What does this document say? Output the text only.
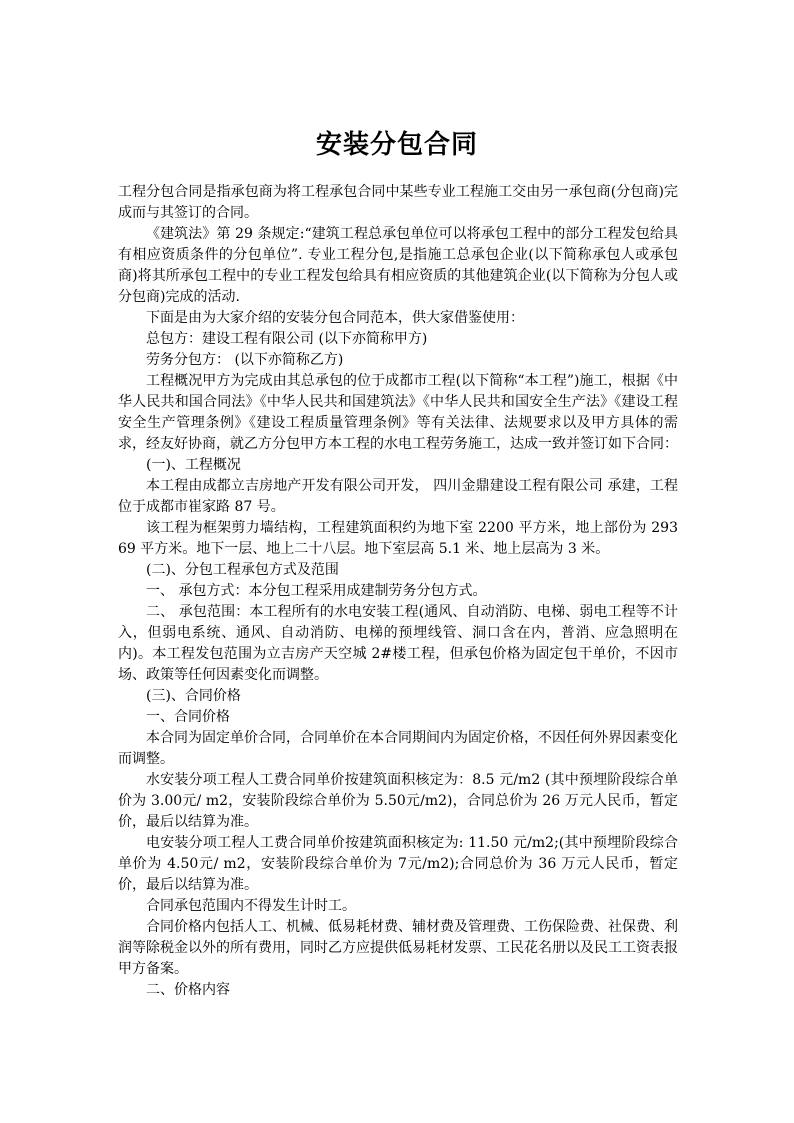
安装分包合同

工程分包合同是指承包商为将工程承包合同中某些专业工程施工交由另一承包商(分包商)完成而与其签订的合同。

《建筑法》第 29 条规定:“建筑工程总承包单位可以将承包工程中的部分工程发包给具有相应资质条件的分包单位”. 专业工程分包,是指施工总承包企业(以下简称承包人或承包商)将其所承包工程中的专业工程发包给具有相应资质的其他建筑企业(以下简称为分包人或分包商)完成的活动.

下面是由为大家介绍的安装分包合同范本，供大家借鉴使用：

总包方：建设工程有限公司 (以下亦简称甲方)

劳务分包方： (以下亦简称乙方)

工程概况甲方为完成由其总承包的位于成都市工程(以下简称“本工程”)施工，根据《中华人民共和国合同法》《中华人民共和国建筑法》《中华人民共和国安全生产法》《建设工程安全生产管理条例》《建设工程质量管理条例》等有关法律、法规要求以及甲方具体的需求，经友好协商，就乙方分包甲方本工程的水电工程劳务施工，达成一致并签订如下合同：

(一)、工程概况

本工程由成都立吉房地产开发有限公司开发， 四川金鼎建设工程有限公司 承建，工程位于成都市崔家路 87 号。

该工程为框架剪力墙结构，工程建筑面积约为地下室 2200 平方米，地上部份为 29369 平方米。地下一层、地上二十八层。地下室层高 5.1 米、地上层高为 3 米。

(二)、分包工程承包方式及范围

一、 承包方式：本分包工程采用成建制劳务分包方式。

二、 承包范围：本工程所有的水电安装工程(通风、自动消防、电梯、弱电工程等不计入，但弱电系统、通风、自动消防、电梯的预埋线管、洞口含在内，普消、应急照明在内)。本工程发包范围为立吉房产天空城 2#楼工程，但承包价格为固定包干单价，不因市场、政策等任何因素变化而调整。

(三)、合同价格

一、合同价格

本合同为固定单价合同，合同单价在本合同期间内为固定价格，不因任何外界因素变化而调整。

水安装分项工程人工费合同单价按建筑面积核定为：8.5 元/m2 (其中预埋阶段综合单价为 3.00元/ m2，安装阶段综合单价为 5.50元/m2)，合同总价为 26 万元人民币，暂定价，最后以结算为准。

电安装分项工程人工费合同单价按建筑面积核定为: 11.50 元/m2;(其中预埋阶段综合单价为 4.50元/ m2，安装阶段综合单价为 7元/m2);合同总价为 36 万元人民币，暂定价，最后以结算为准。

合同承包范围内不得发生计时工。

合同价格内包括人工、机械、低易耗材费、辅材费及管理费、工伤保险费、社保费、利润等除税金以外的所有费用，同时乙方应提供低易耗材发票、工民花名册以及民工工资表报甲方备案。

二、价格内容
